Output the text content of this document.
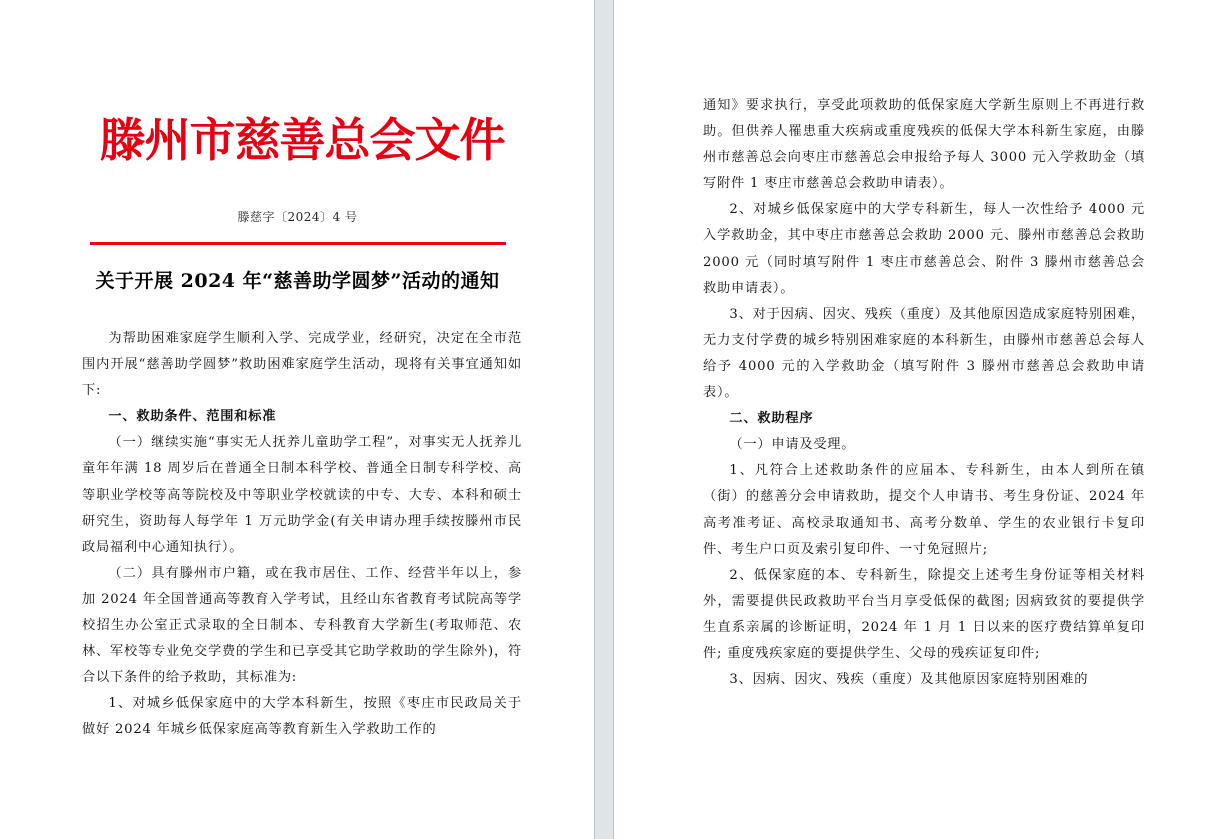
滕州市慈善总会文件
滕慈字〔2024〕4 号
关于开展 2024 年“慈善助学圆梦”活动的通知

为帮助困难家庭学生顺利入学、完成学业，经研究，决定在全市范围内开展“慈善助学圆梦”救助困难家庭学生活动，现将有关事宜通知如下:

一、救助条件、范围和标准

（一）继续实施“事实无人抚养儿童助学工程”，对事实无人抚养儿童年年满 18 周岁后在普通全日制本科学校、普通全日制专科学校、高等职业学校等高等院校及中等职业学校就读的中专、大专、本科和硕士研究生，资助每人每学年 1 万元助学金(有关申请办理手续按滕州市民政局福利中心通知执行）。

（二）具有滕州市户籍，或在我市居住、工作、经营半年以上，参加 2024 年全国普通高等教育入学考试，且经山东省教育考试院高等学校招生办公室正式录取的全日制本、专科教育大学新生(考取师范、农林、军校等专业免交学费的学生和已享受其它助学救助的学生除外)，符合以下条件的给予救助，其标准为:

1、对城乡低保家庭中的大学本科新生，按照《枣庄市民政局关于做好 2024 年城乡低保家庭高等教育新生入学救助工作的

通知》要求执行，享受此项救助的低保家庭大学新生原则上不再进行救助。但供养人罹患重大疾病或重度残疾的低保大学本科新生家庭，由滕州市慈善总会向枣庄市慈善总会申报给予每人 3000 元入学救助金（填写附件 1 枣庄市慈善总会救助申请表）。

2、对城乡低保家庭中的大学专科新生，每人一次性给予 4000 元入学救助金，其中枣庄市慈善总会救助 2000 元、滕州市慈善总会救助 2000 元（同时填写附件 1 枣庄市慈善总会、附件 3 滕州市慈善总会救助申请表）。

3、对于因病、因灾、残疾（重度）及其他原因造成家庭特别困难，无力支付学费的城乡特别困难家庭的本科新生，由滕州市慈善总会每人给予 4000 元的入学救助金（填写附件 3 滕州市慈善总会救助申请表）。

二、救助程序

（一）申请及受理。

1、凡符合上述救助条件的应届本、专科新生，由本人到所在镇（街）的慈善分会申请救助，提交个人申请书、考生身份证、2024 年高考准考证、高校录取通知书、高考分数单、学生的农业银行卡复印件、考生户口页及索引复印件、一寸免冠照片;

2、低保家庭的本、专科新生，除提交上述考生身份证等相关材料外，需要提供民政救助平台当月享受低保的截图; 因病致贫的要提供学生直系亲属的诊断证明，2024 年 1 月 1 日以来的医疗费结算单复印件; 重度残疾家庭的要提供学生、父母的残疾证复印件;

3、因病、因灾、残疾（重度）及其他原因家庭特别困难的
